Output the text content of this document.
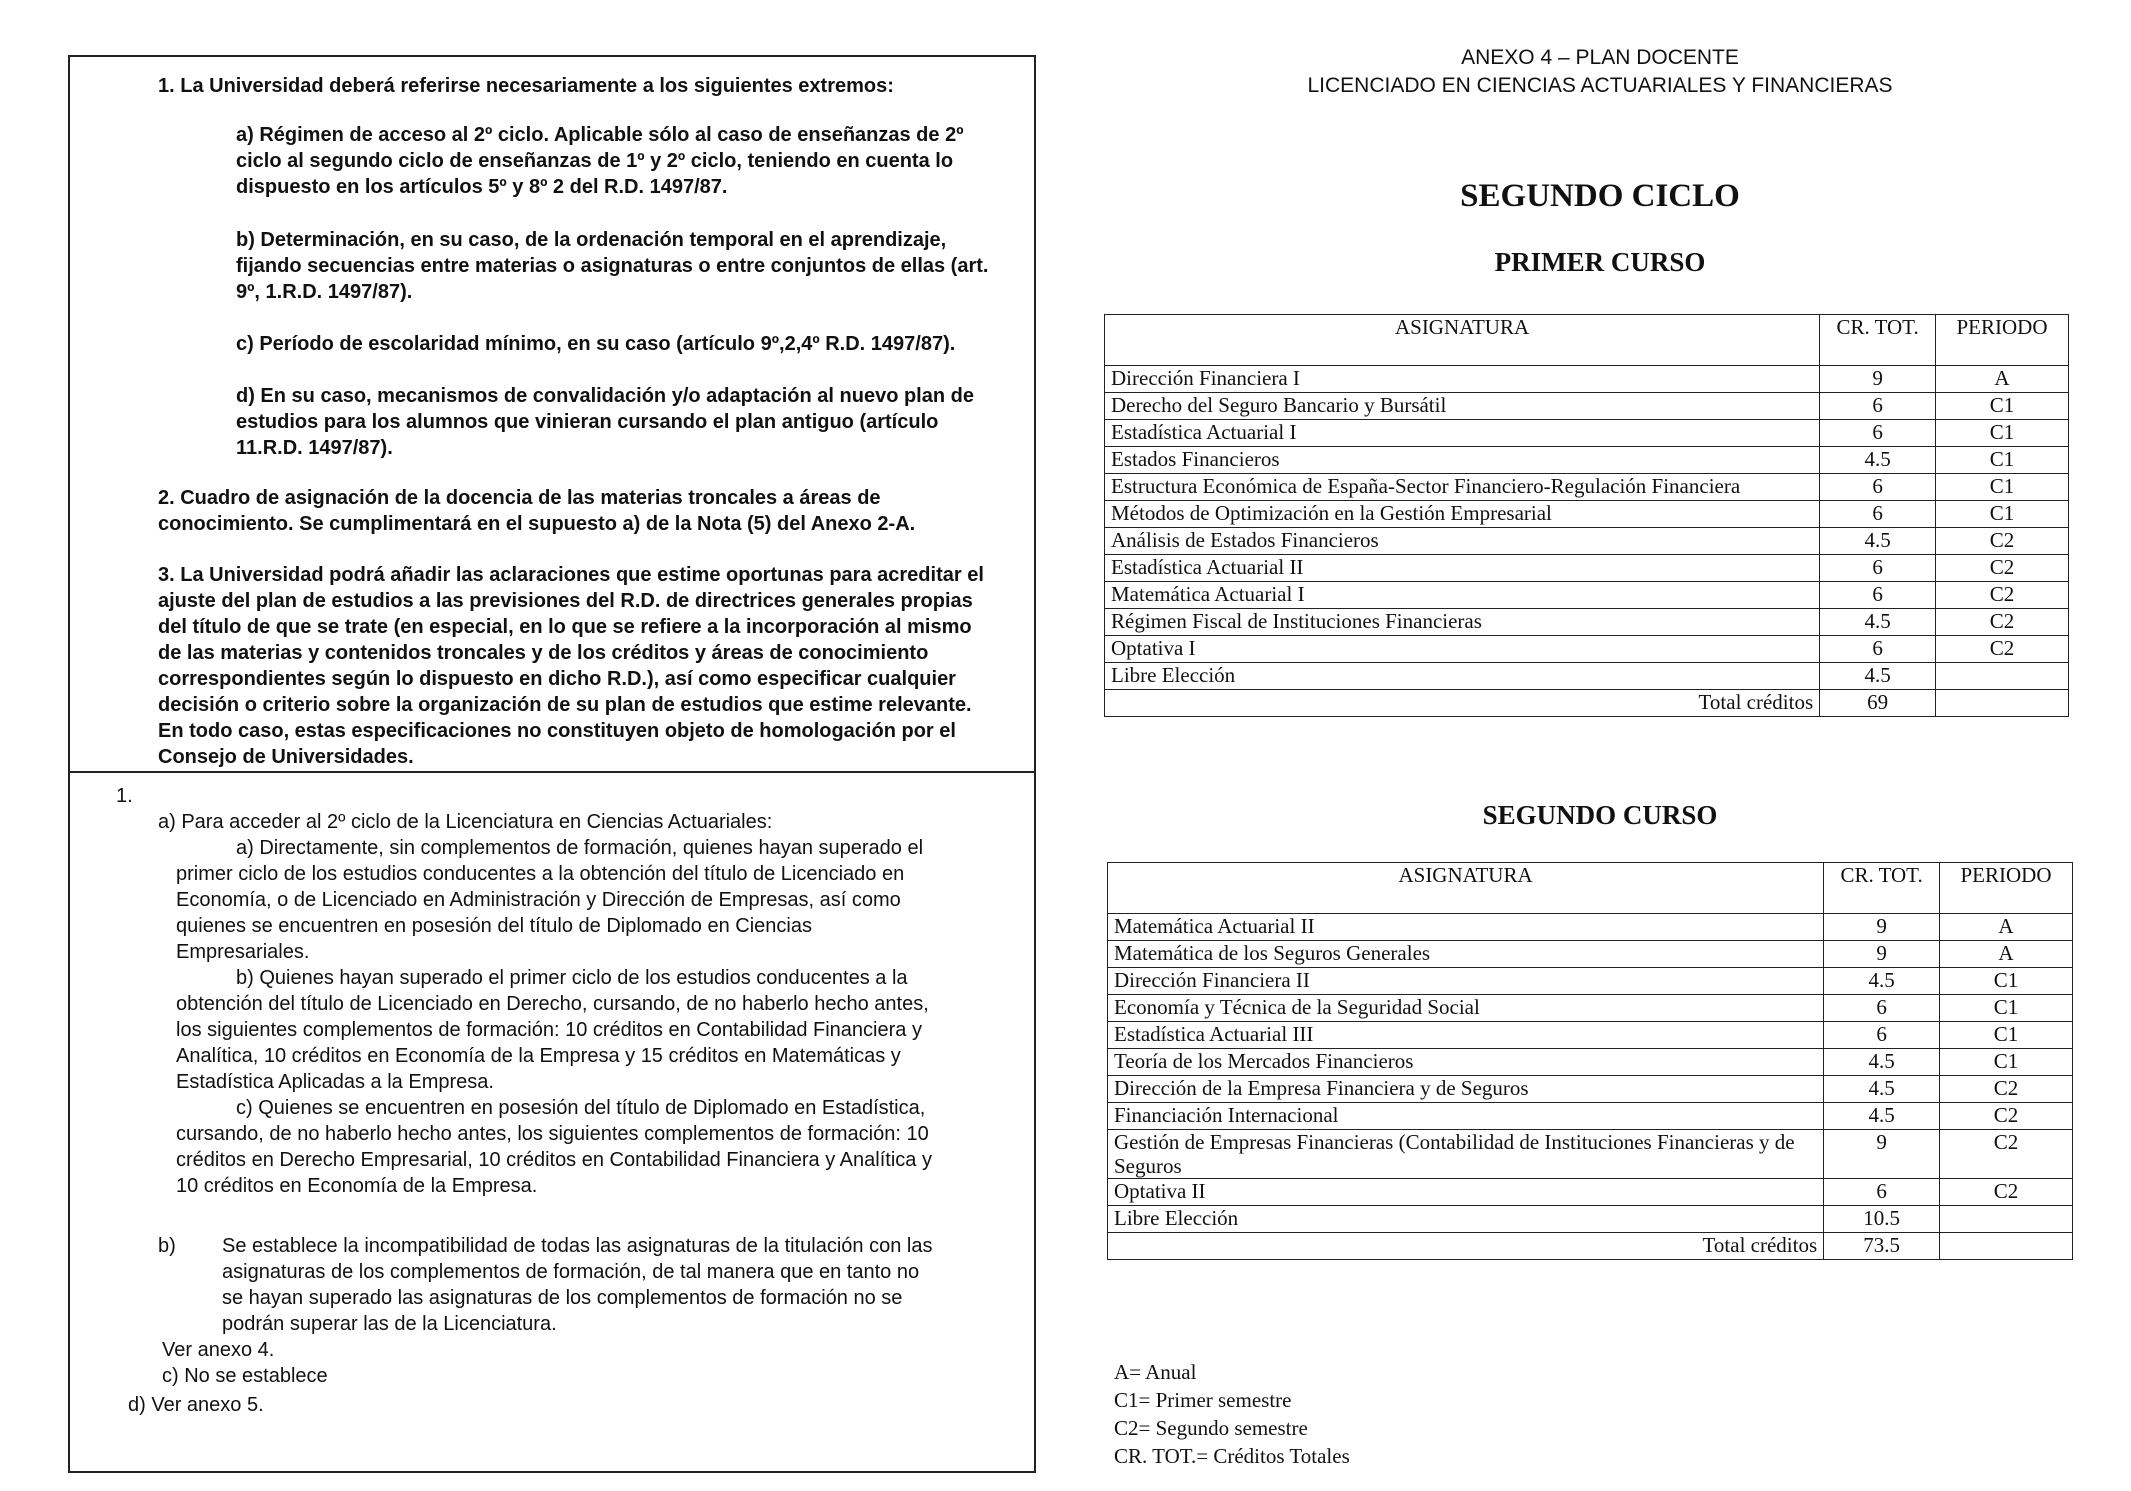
1. La Universidad deberá referirse necesariamente a los siguientes extremos:

a) Régimen de acceso al 2º ciclo. Aplicable sólo al caso de enseñanzas de 2º

ciclo al segundo ciclo de enseñanzas de 1º y 2º ciclo, teniendo en cuenta lo

dispuesto en los artículos 5º y 8º 2 del R.D. 1497/87.

b) Determinación, en su caso, de la ordenación temporal en el aprendizaje,

fijando secuencias entre materias o asignaturas o entre conjuntos de ellas (art.

9º, 1.R.D. 1497/87).

c) Período de escolaridad mínimo, en su caso (artículo 9º,2,4º R.D. 1497/87).

d) En su caso, mecanismos de convalidación y/o adaptación al nuevo plan de

estudios para los alumnos que vinieran cursando el plan antiguo (artículo

11.R.D. 1497/87).

2. Cuadro de asignación de la docencia de las materias troncales a áreas de

conocimiento. Se cumplimentará en el supuesto a) de la Nota (5) del Anexo 2-A.

3. La Universidad podrá añadir las aclaraciones que estime oportunas para acreditar el

ajuste del plan de estudios a las previsiones del R.D. de directrices generales propias

del título de que se trate (en especial, en lo que se refiere a la incorporación al mismo

de las materias y contenidos troncales y de los créditos y áreas de conocimiento

correspondientes según lo dispuesto en dicho R.D.), así como especificar cualquier

decisión o criterio sobre la organización de su plan de estudios que estime relevante.

En todo caso, estas especificaciones no constituyen objeto de homologación por el

Consejo de Universidades.

1.

a) Para acceder al 2º ciclo de la Licenciatura en Ciencias Actuariales:

a) Directamente, sin complementos de formación, quienes hayan superado el

primer ciclo de los estudios conducentes a la obtención del título de Licenciado en

Economía, o de Licenciado en Administración y Dirección de Empresas, así como

quienes se encuentren en posesión del título de Diplomado en Ciencias

Empresariales.

b) Quienes hayan superado el primer ciclo de los estudios conducentes a la

obtención del título de Licenciado en Derecho, cursando, de no haberlo hecho antes,

los siguientes complementos de formación: 10 créditos en Contabilidad Financiera y

Analítica, 10 créditos en Economía de la Empresa y 15 créditos en Matemáticas y

Estadística Aplicadas a la Empresa.

c) Quienes se encuentren en posesión del título de Diplomado en Estadística,

cursando, de no haberlo hecho antes, los siguientes complementos de formación: 10

créditos en Derecho Empresarial, 10 créditos en Contabilidad Financiera y Analítica y

10 créditos en Economía de la Empresa.

b) Se establece la incompatibilidad de todas las asignaturas de la titulación con las

asignaturas de los complementos de formación, de tal manera que en tanto no

se hayan superado las asignaturas de los complementos de formación no se

podrán superar las de la Licenciatura.

Ver anexo 4.

c) No se establece

d) Ver anexo 5.

ANEXO 4 – PLAN DOCENTE
LICENCIADO EN CIENCIAS ACTUARIALES Y FINANCIERAS
SEGUNDO CICLO
PRIMER CURSO
ASIGNATURA	CR. TOT.	PERIODO
Dirección Financiera I	9	A
Derecho del Seguro Bancario y Bursátil	6	C1
Estadística Actuarial I	6	C1
Estados Financieros	4.5	C1
Estructura Económica de España-Sector Financiero-Regulación Financiera	6	C1
Métodos de Optimización en la Gestión Empresarial	6	C1
Análisis de Estados Financieros	4.5	C2
Estadística Actuarial II	6	C2
Matemática Actuarial I	6	C2
Régimen Fiscal de Instituciones Financieras	4.5	C2
Optativa I	6	C2
Libre Elección	4.5	
Total créditos	69	
SEGUNDO CURSO
ASIGNATURA	CR. TOT.	PERIODO
Matemática Actuarial II	9	A
Matemática de los Seguros Generales	9	A
Dirección Financiera II	4.5	C1
Economía y Técnica de la Seguridad Social	6	C1
Estadística Actuarial III	6	C1
Teoría de los Mercados Financieros	4.5	C1
Dirección de la Empresa Financiera y de Seguros	4.5	C2
Financiación Internacional	4.5	C2
Gestión de Empresas Financieras (Contabilidad de Instituciones Financieras y de Seguros	9	C2
Optativa II	6	C2
Libre Elección	10.5	
Total créditos	73.5	
A= Anual
C1= Primer semestre
C2= Segundo semestre
CR. TOT.= Créditos Totales
